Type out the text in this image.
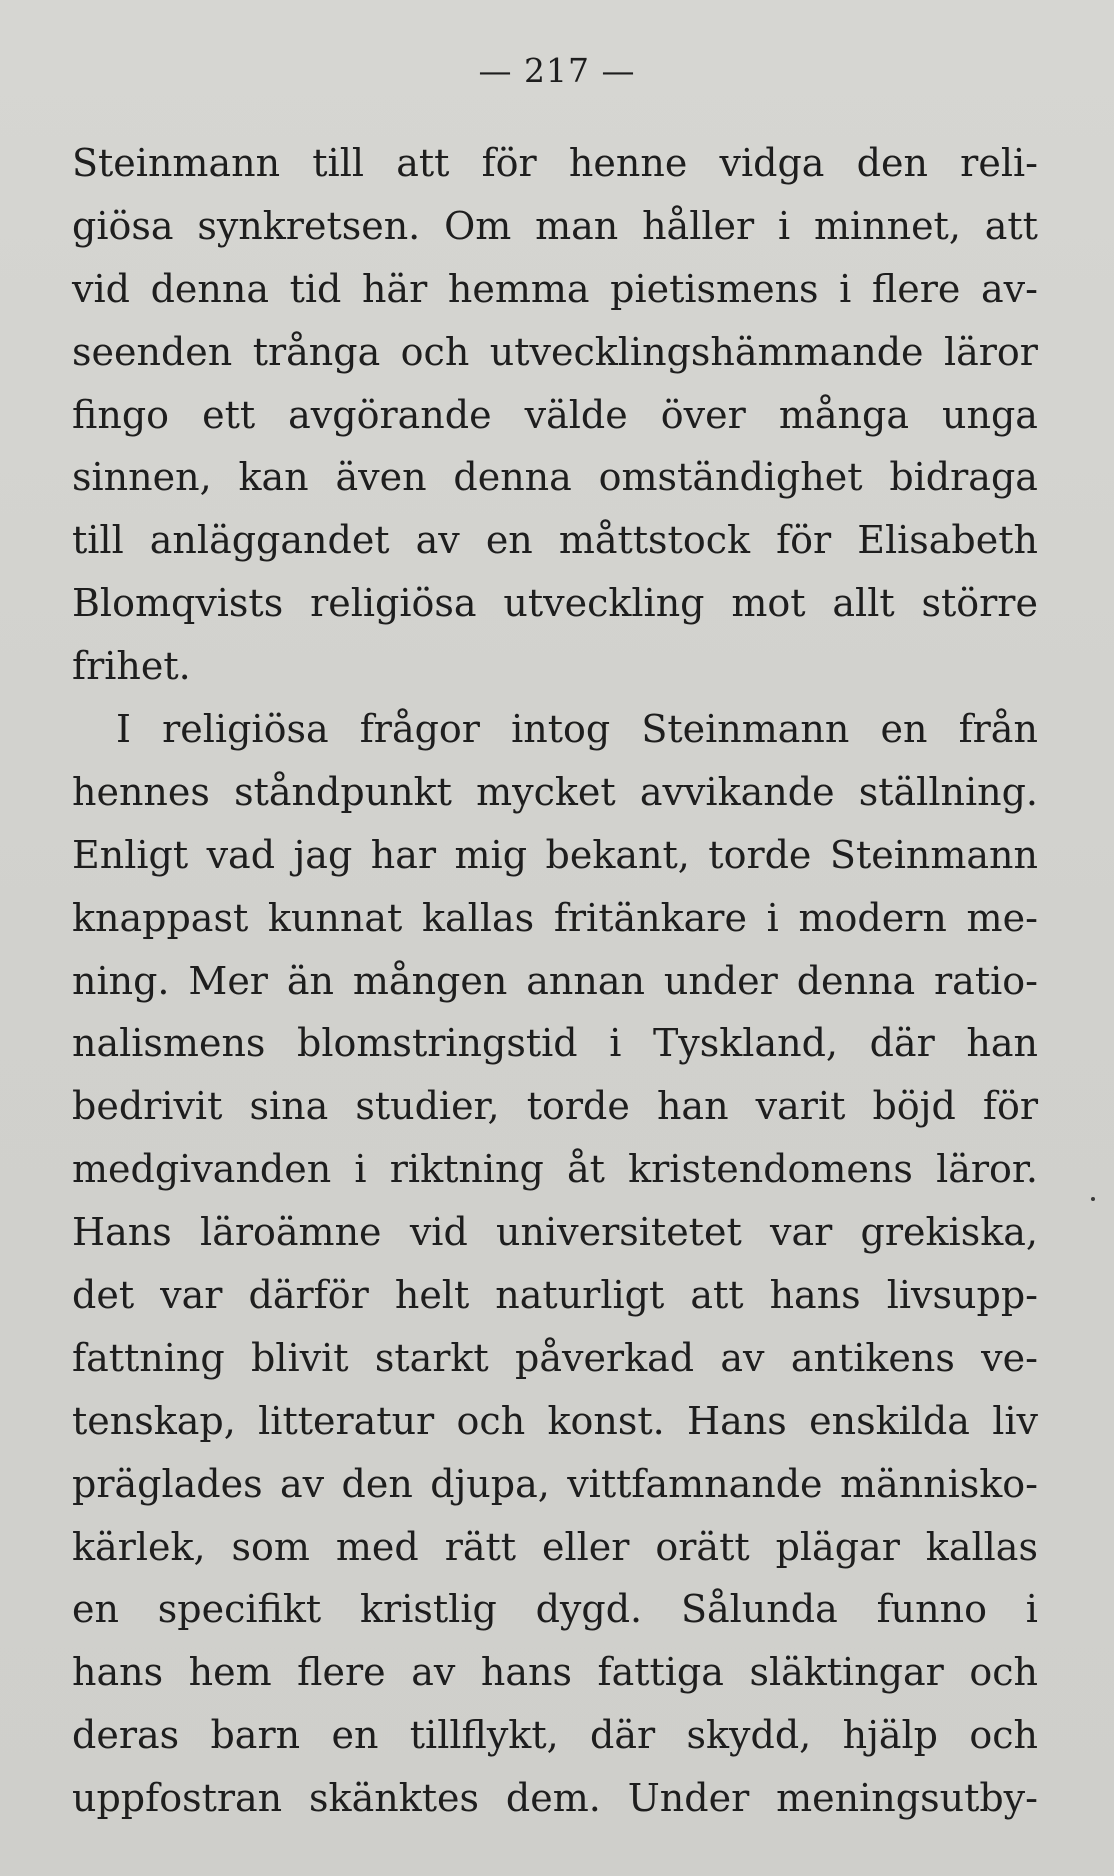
— 217 —
Steinmann till att för henne vidga den reli-
giösa synkretsen. Om man håller i minnet, att
vid denna tid här hemma pietismens i flere av-
seenden trånga och utvecklingshämmande läror
fingo ett avgörande välde över många unga
sinnen, kan även denna omständighet bidraga
till anläggandet av en måttstock för Elisabeth
Blomqvists religiösa utveckling mot allt större
frihet.
I religiösa frågor intog Steinmann en från
hennes ståndpunkt mycket avvikande ställning.
Enligt vad jag har mig bekant, torde Steinmann
knappast kunnat kallas fritänkare i modern me-
ning. Mer än mången annan under denna ratio-
nalismens blomstringstid i Tyskland, där han
bedrivit sina studier, torde han varit böjd för
medgivanden i riktning åt kristendomens läror.
Hans läroämne vid universitetet var grekiska,
det var därför helt naturligt att hans livsupp-
fattning blivit starkt påverkad av antikens ve-
tenskap, litteratur och konst. Hans enskilda liv
präglades av den djupa, vittfamnande människo-
kärlek, som med rätt eller orätt plägar kallas
en specifikt kristlig dygd. Sålunda funno i
hans hem flere av hans fattiga släktingar och
deras barn en tillflykt, där skydd, hjälp och
uppfostran skänktes dem. Under meningsutby-
